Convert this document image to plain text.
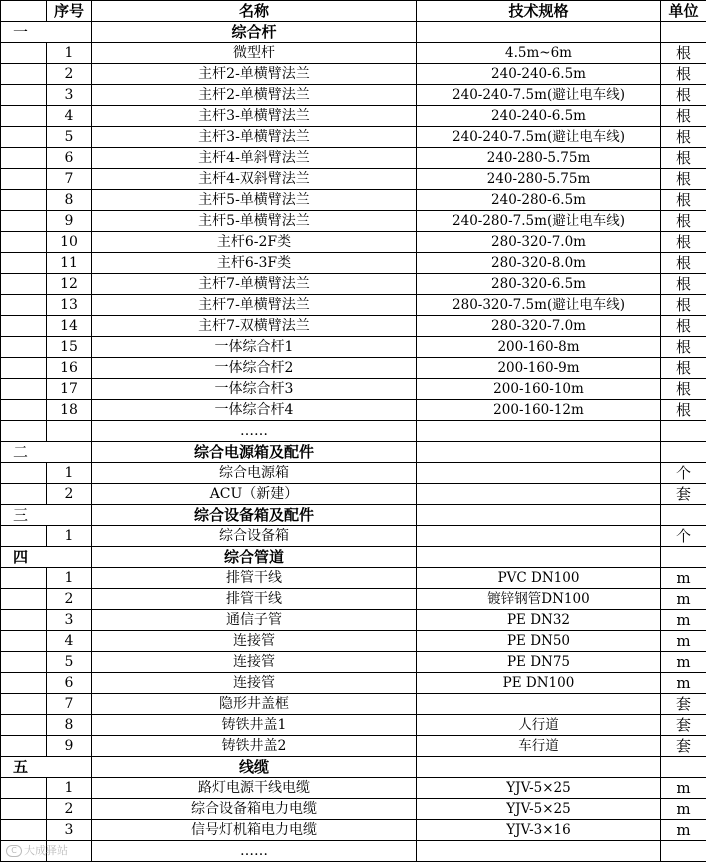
	序号	名称	技术规格	单位
一		综合杆		
	1	微型杆	4.5m~6m	根
	2	主杆2-单横臂法兰	240-240-6.5m	根
	3	主杆2-单横臂法兰	240-240-7.5m(避让电车线)	根
	4	主杆3-单横臂法兰	240-240-6.5m	根
	5	主杆3-单横臂法兰	240-240-7.5m(避让电车线)	根
	6	主杆4-单斜臂法兰	240-280-5.75m	根
	7	主杆4-双斜臂法兰	240-280-5.75m	根
	8	主杆5-单横臂法兰	240-280-6.5m	根
	9	主杆5-单横臂法兰	240-280-7.5m(避让电车线)	根
	10	主杆6-2F类	280-320-7.0m	根
	11	主杆6-3F类	280-320-8.0m	根
	12	主杆7-单横臂法兰	280-320-6.5m	根
	13	主杆7-单横臂法兰	280-320-7.5m(避让电车线)	根
	14	主杆7-双横臂法兰	280-320-7.0m	根
	15	一体综合杆1	200-160-8m	根
	16	一体综合杆2	200-160-9m	根
	17	一体综合杆3	200-160-10m	根
	18	一体综合杆4	200-160-12m	根
		……		
二		综合电源箱及配件		
	1	综合电源箱		个
	2	ACU（新建）		套
三		综合设备箱及配件		
	1	综合设备箱		个
四		综合管道		
	1	排管干线	PVC DN100	m
	2	排管干线	镀锌钢管DN100	m
	3	通信子管	PE DN32	m
	4	连接管	PE DN50	m
	5	连接管	PE DN75	m
	6	连接管	PE DN100	m
	7	隐形井盖框		套
	8	铸铁井盖1	人行道	套
	9	铸铁井盖2	车行道	套
五		线缆		
	1	路灯电源干线电缆	YJV-5×25	m
	2	综合设备箱电力电缆	YJV-5×25	m
	3	信号灯机箱电力电缆	YJV-3×16	m
		……		
C 大成驿站
